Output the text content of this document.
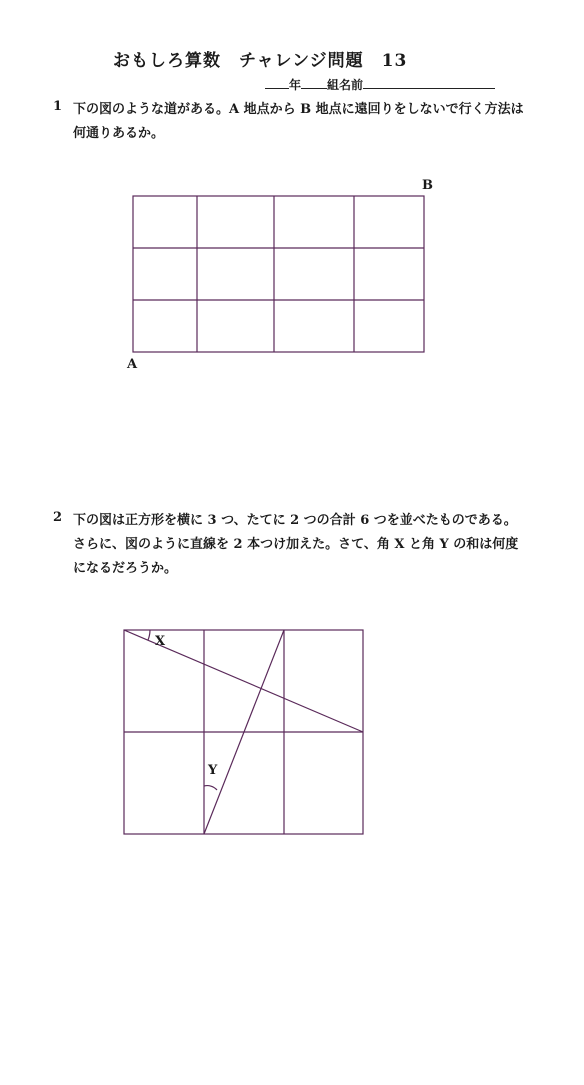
おもしろ算数　チャレンジ問題　13
年 組名前
1 下の図のような道がある。A 地点から B 地点に遠回りをしないで行く方法は
何通りあるか。
2 下の図は正方形を横に 3 つ、たてに 2 つの合計 6 つを並べたものである。
さらに、図のように直線を 2 本つけ加えた。さて、角 X と角 Y の和は何度
になるだろうか。
B
A
X
Y
